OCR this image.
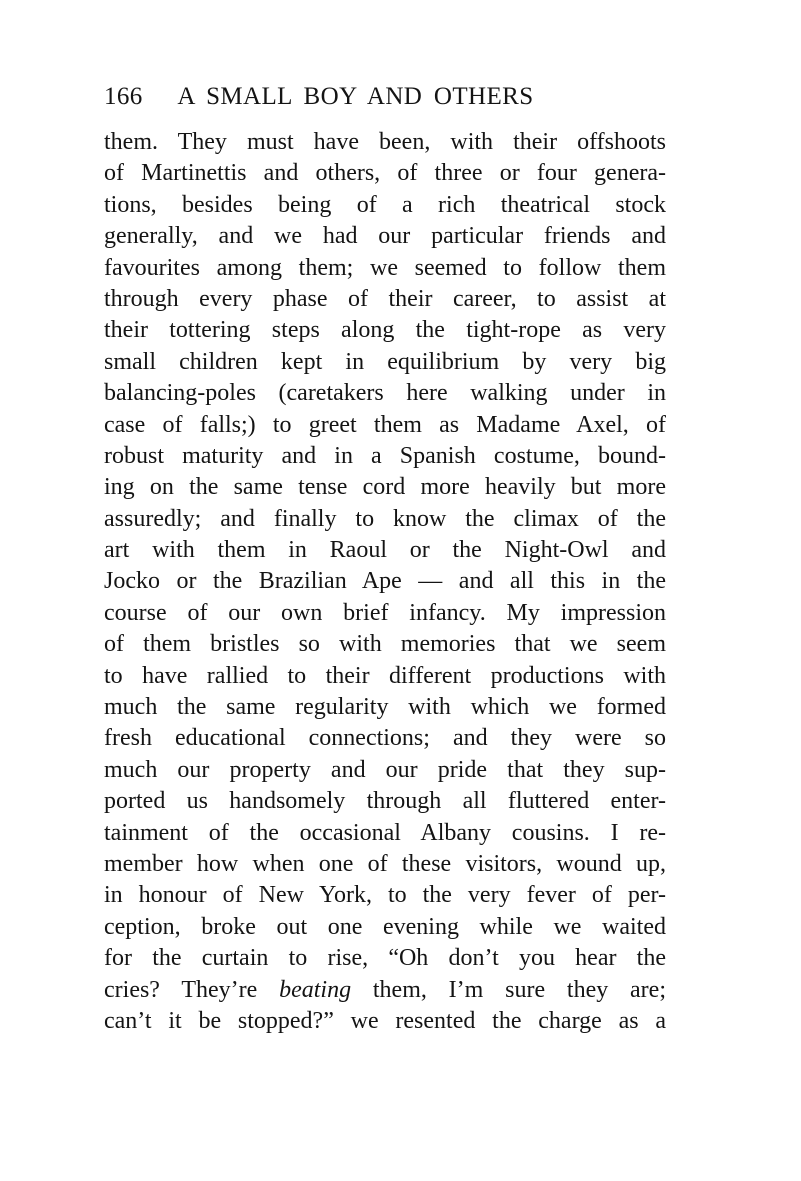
166 A SMALL BOY AND OTHERS
them. They must have been, with their offshoots
of Martinettis and others, of three or four genera-
tions, besides being of a rich theatrical stock
generally, and we had our particular friends and
favourites among them; we seemed to follow them
through every phase of their career, to assist at
their tottering steps along the tight-rope as very
small children kept in equilibrium by very big
balancing-poles (caretakers here walking under in
case of falls;) to greet them as Madame Axel, of
robust maturity and in a Spanish costume, bound-
ing on the same tense cord more heavily but more
assuredly; and finally to know the climax of the
art with them in Raoul or the Night-Owl and
Jocko or the Brazilian Ape — and all this in the
course of our own brief infancy. My impression
of them bristles so with memories that we seem
to have rallied to their different productions with
much the same regularity with which we formed
fresh educational connections; and they were so
much our property and our pride that they sup-
ported us handsomely through all fluttered enter-
tainment of the occasional Albany cousins. I re-
member how when one of these visitors, wound up,
in honour of New York, to the very fever of per-
ception, broke out one evening while we waited
for the curtain to rise, “Oh don’t you hear the
cries? They’re beating them, I’m sure they are;
can’t it be stopped?” we resented the charge as a
